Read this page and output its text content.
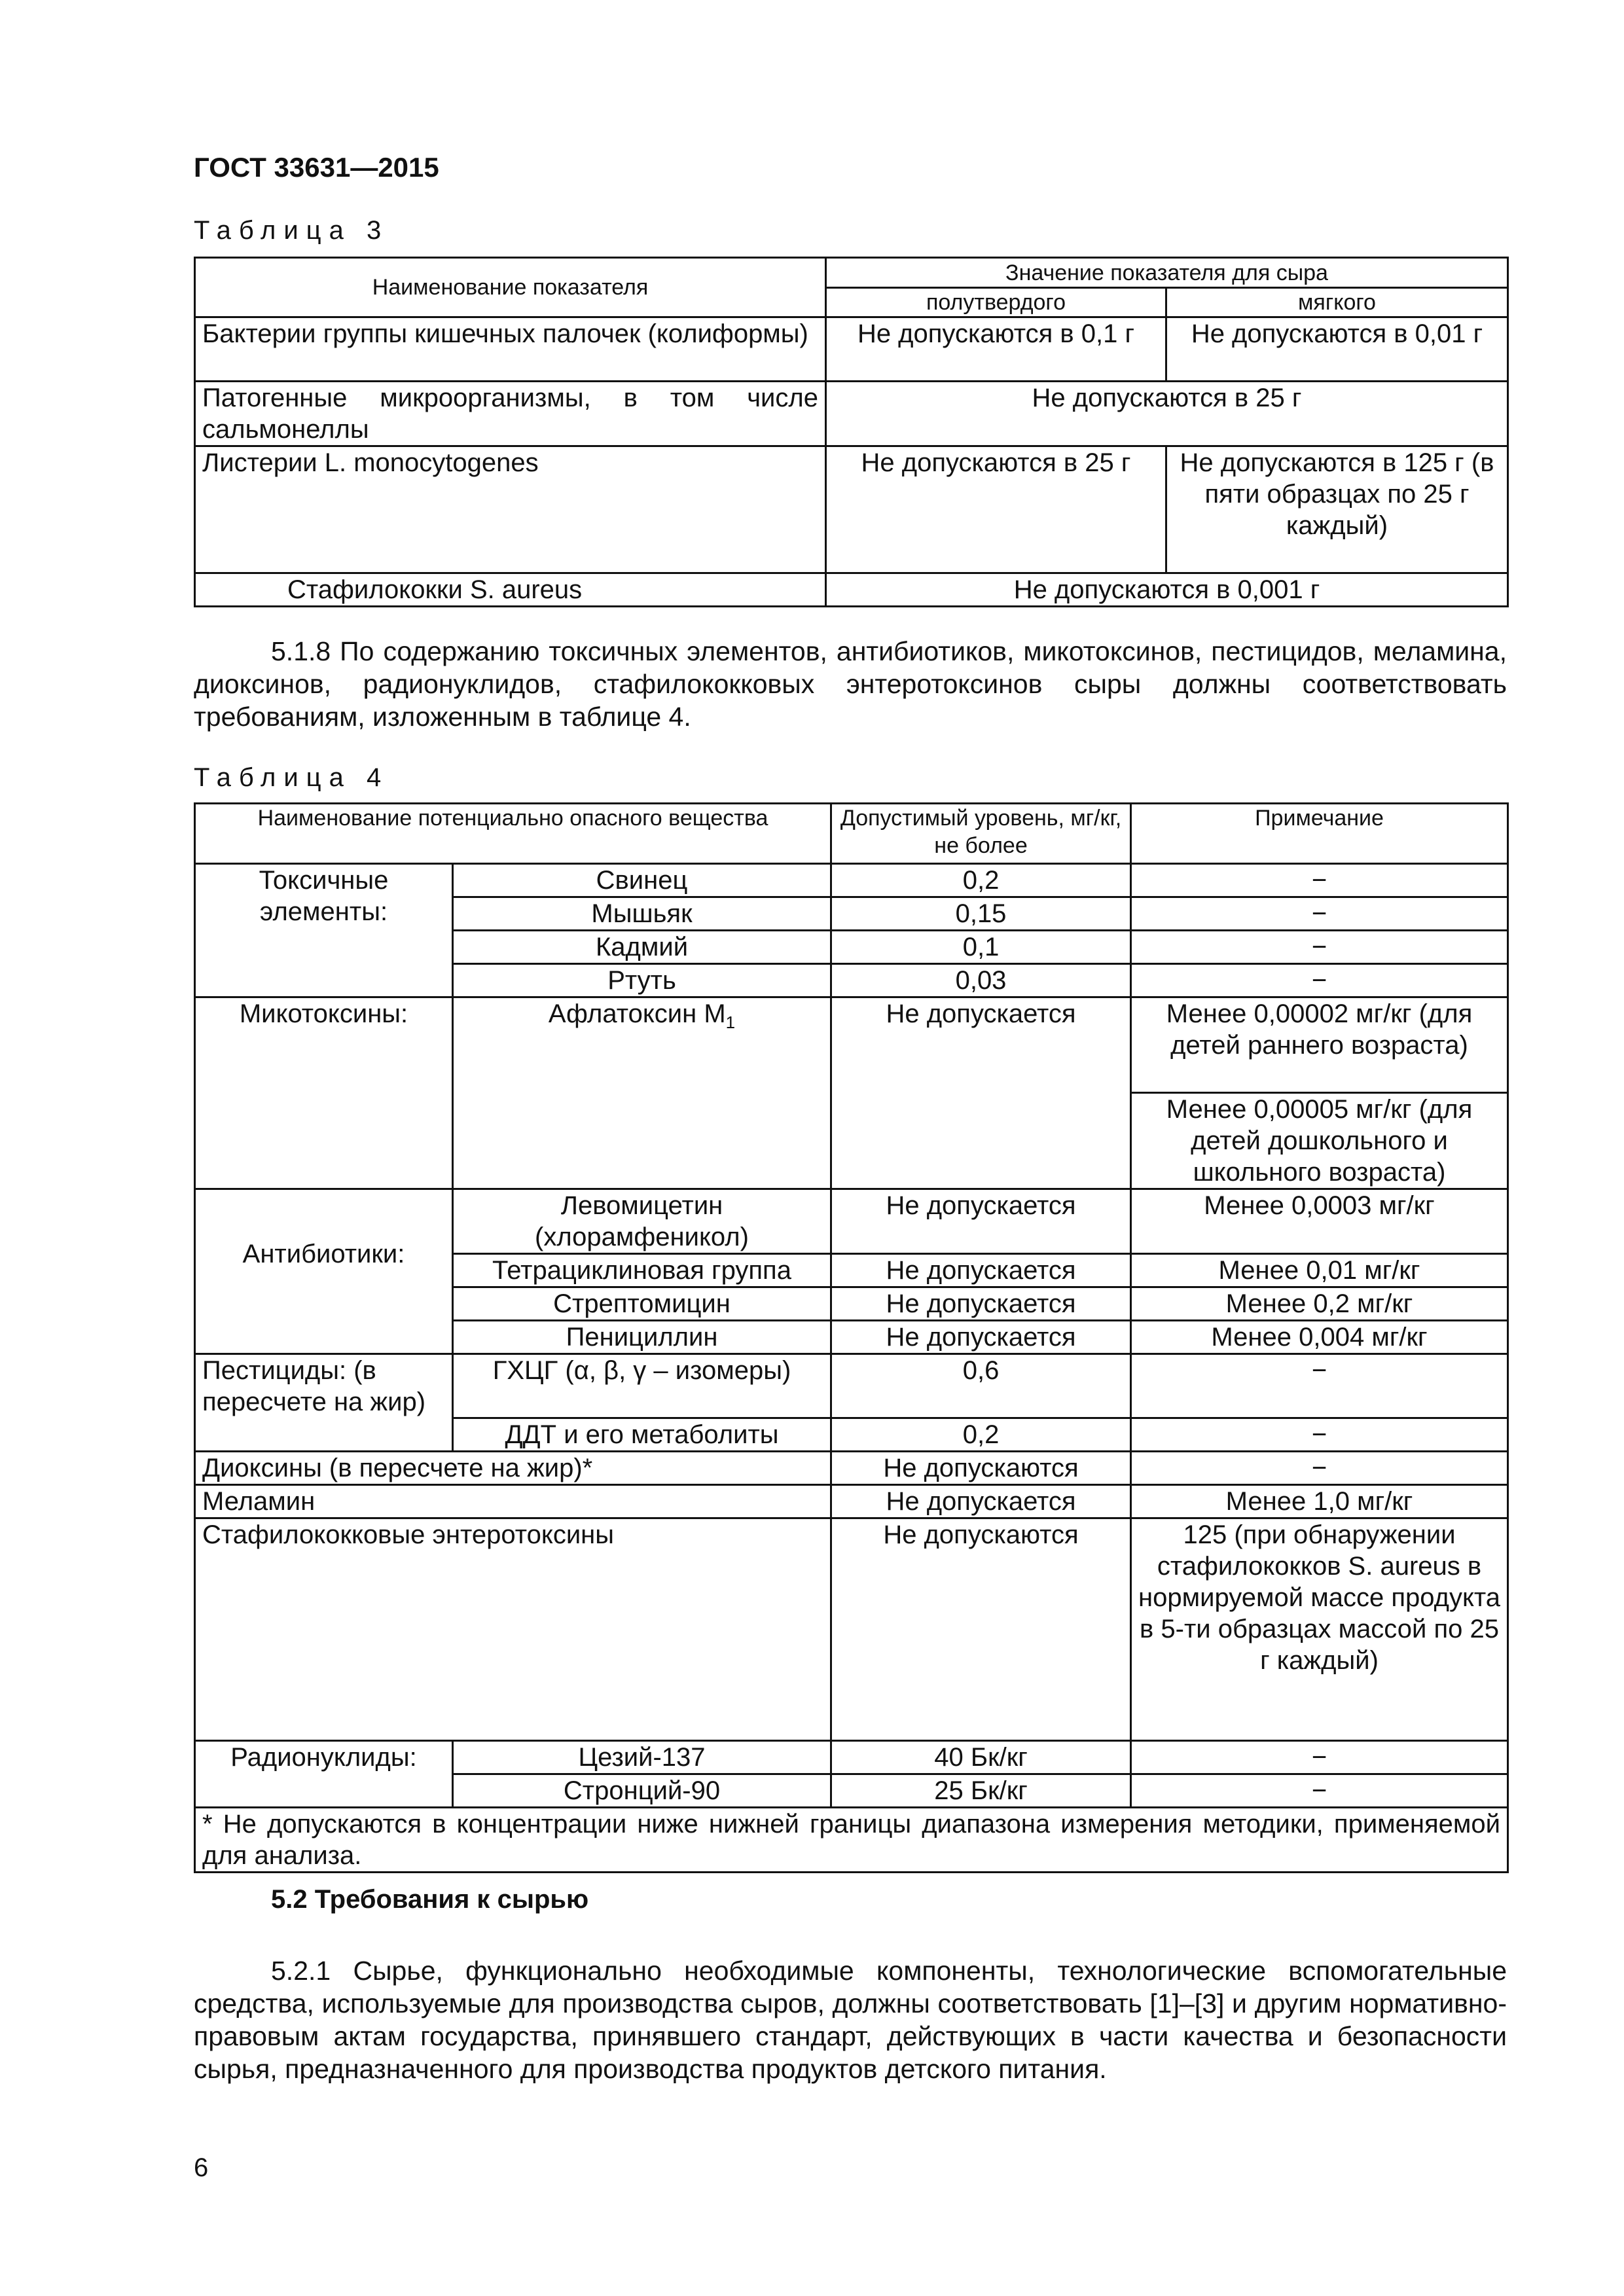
ГОСТ 33631—2015

Таблица 3

Наименование показателя	Значение показателя для сыра	
	полутвердого	мягкого
Бактерии группы кишечных палочек (колиформы)	Не допускаются в 0,1 г	Не допускаются в 0,01 г
Патогенные микроорганизмы, в том числе сальмонеллы	Не допускаются в 25 г	
Листерии L. monocytogenes	Не допускаются в 25 г	Не допускаются в 125 г (в пяти образцах по 25 г каждый)
Стафилококки S. aureus	Не допускаются в 0,001 г	

5.1.8 По содержанию токсичных элементов, антибиотиков, микотоксинов, пестицидов, меламина, диоксинов, радионуклидов, стафилококковых энтеротоксинов сыры должны соответствовать требованиям, изложенным в таблице 4.

Таблица 4

Наименование потенциально опасного вещества		Допустимый уровень, мг/кг, не более	Примечание
Токсичные элементы:	Свинец	0,2	−
	Мышьяк	0,15	−
	Кадмий	0,1	−
	Ртуть	0,03	−
Микотоксины:	Афлатоксин $M_1$	Не допускается	Менее 0,00002 мг/кг (для детей раннего возраста)
			Менее 0,00005 мг/кг (для детей дошкольного и школьного возраста)
Антибиотики:	Левомицетин (хлорамфеникол)	Не допускается	Менее 0,0003 мг/кг
	Тетрациклиновая группа	Не допускается	Менее 0,01 мг/кг
	Стрептомицин	Не допускается	Менее 0,2 мг/кг
	Пенициллин	Не допускается	Менее 0,004 мг/кг
Пестициды: (в пересчете на жир)	ГХЦГ (α, β, γ – изомеры)	0,6	−
	ДДТ и его метаболиты	0,2	−
Диоксины (в пересчете на жир)*		Не допускаются	−
Меламин		Не допускается	Менее 1,0 мг/кг
Стафилококковые энтеротоксины		Не допускаются	125 (при обнаружении стафилококков S. aureus в нормируемой массе продукта в 5-ти образцах массой по 25 г каждый)
Радионуклиды:	Цезий-137	40 Бк/кг	−
	Стронций-90	25 Бк/кг	−
* Не допускаются в концентрации ниже нижней границы диапазона измерения методики, применяемой для анализа.			

5.2 Требования к сырью

5.2.1 Сырье, функционально необходимые компоненты, технологические вспомогательные средства, используемые для производства сыров, должны соответствовать [1]–[3] и другим нормативно-правовым актам государства, принявшего стандарт, действующих в части качества и безопасности сырья, предназначенного для производства продуктов детского питания.

6
